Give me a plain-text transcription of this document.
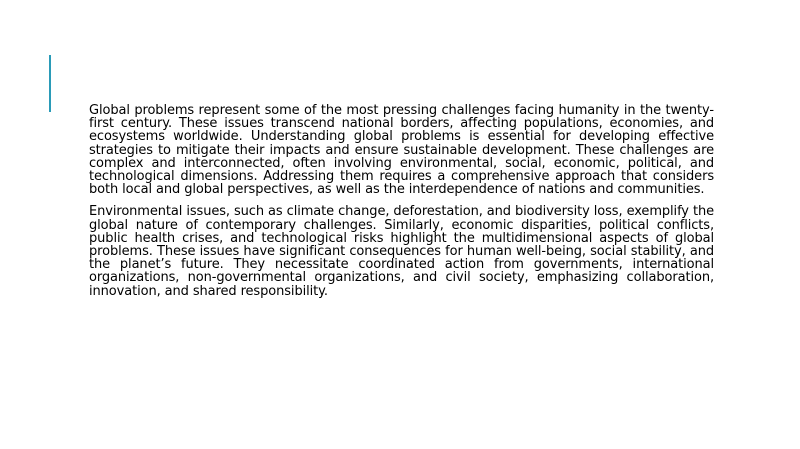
Global problems represent some of the most pressing challenges facing humanity in the twenty-first century. These issues transcend national borders, affecting populations, economies, and ecosystems worldwide. Understanding global problems is essential for developing effective strategies to mitigate their impacts and ensure sustainable development. These challenges are complex and interconnected, often involving environmental, social, economic, political, and technological dimensions. Addressing them requires a comprehensive approach that considers both local and global perspectives, as well as the interdependence of nations and communities.

Environmental issues, such as climate change, deforestation, and biodiversity loss, exemplify the global nature of contemporary challenges. Similarly, economic disparities, political conflicts, public health crises, and technological risks highlight the multidimensional aspects of global problems. These issues have significant consequences for human well-being, social stability, and the planet’s future. They necessitate coordinated action from governments, international organizations, non-governmental organizations, and civil society, emphasizing collaboration, innovation, and shared responsibility.
